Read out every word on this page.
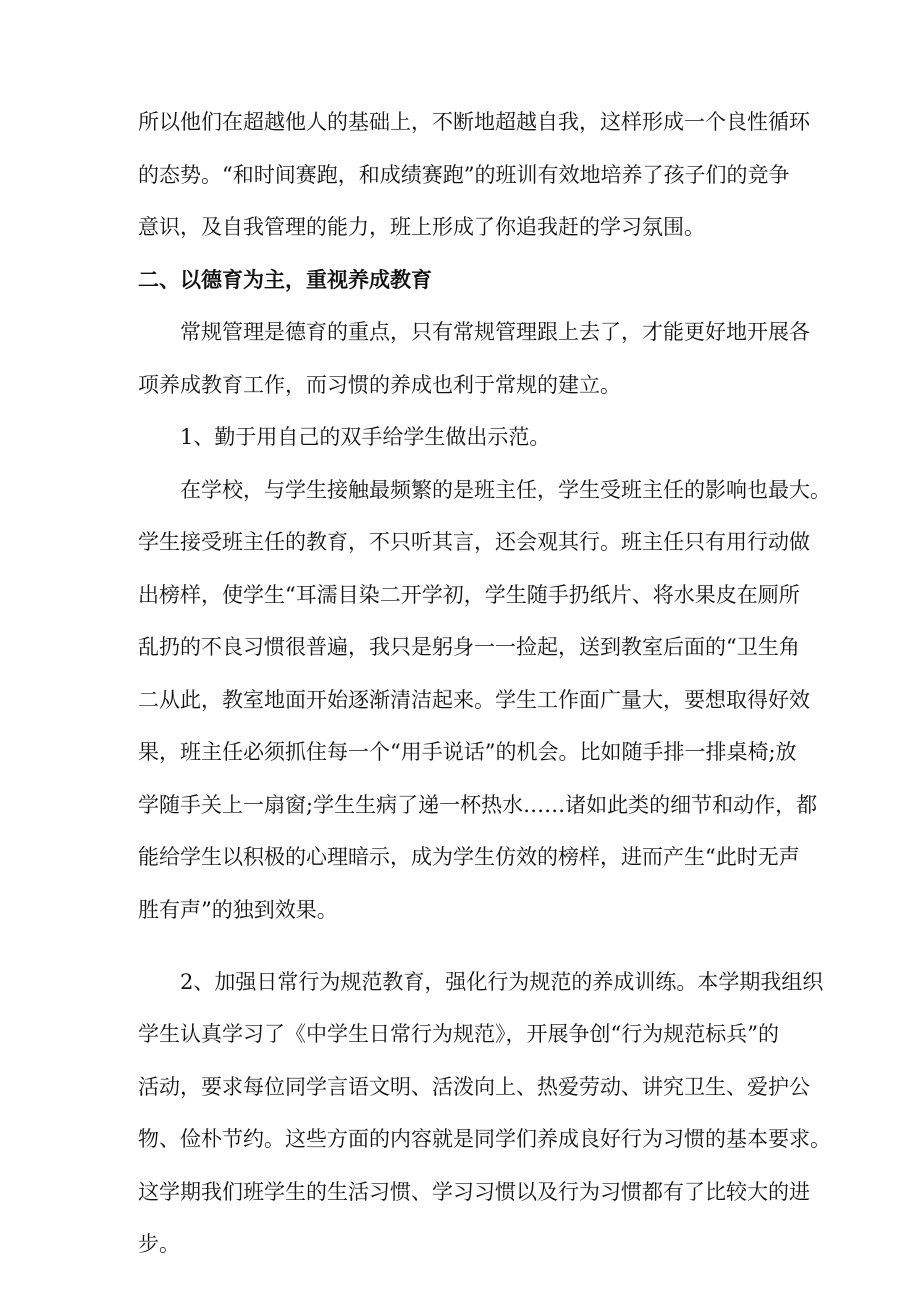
所以他们在超越他人的基础上，不断地超越自我，这样形成一个良性循环
的态势。“和时间赛跑，和成绩赛跑”的班训有效地培养了孩子们的竞争
意识，及自我管理的能力，班上形成了你追我赶的学习氛围。
二、以德育为主，重视养成教育
常规管理是德育的重点，只有常规管理跟上去了，才能更好地开展各
项养成教育工作，而习惯的养成也利于常规的建立。
1、勤于用自己的双手给学生做出示范。
在学校，与学生接触最频繁的是班主任，学生受班主任的影响也最大。
学生接受班主任的教育，不只听其言，还会观其行。班主任只有用行动做
出榜样，使学生“耳濡目染二开学初，学生随手扔纸片、将水果皮在厕所
乱扔的不良习惯很普遍，我只是躬身一一捡起，送到教室后面的“卫生角
二从此，教室地面开始逐渐清洁起来。学生工作面广量大，要想取得好效
果，班主任必须抓住每一个“用手说话”的机会。比如随手排一排桌椅;放
学随手关上一扇窗;学生生病了递一杯热水……诸如此类的细节和动作，都
能给学生以积极的心理暗示，成为学生仿效的榜样，进而产生“此时无声
胜有声”的独到效果。
2、加强日常行为规范教育，强化行为规范的养成训练。本学期我组织
学生认真学习了《中学生日常行为规范》，开展争创“行为规范标兵”的
活动，要求每位同学言语文明、活泼向上、热爱劳动、讲究卫生、爱护公
物、俭朴节约。这些方面的内容就是同学们养成良好行为习惯的基本要求。
这学期我们班学生的生活习惯、学习习惯以及行为习惯都有了比较大的进
步。
